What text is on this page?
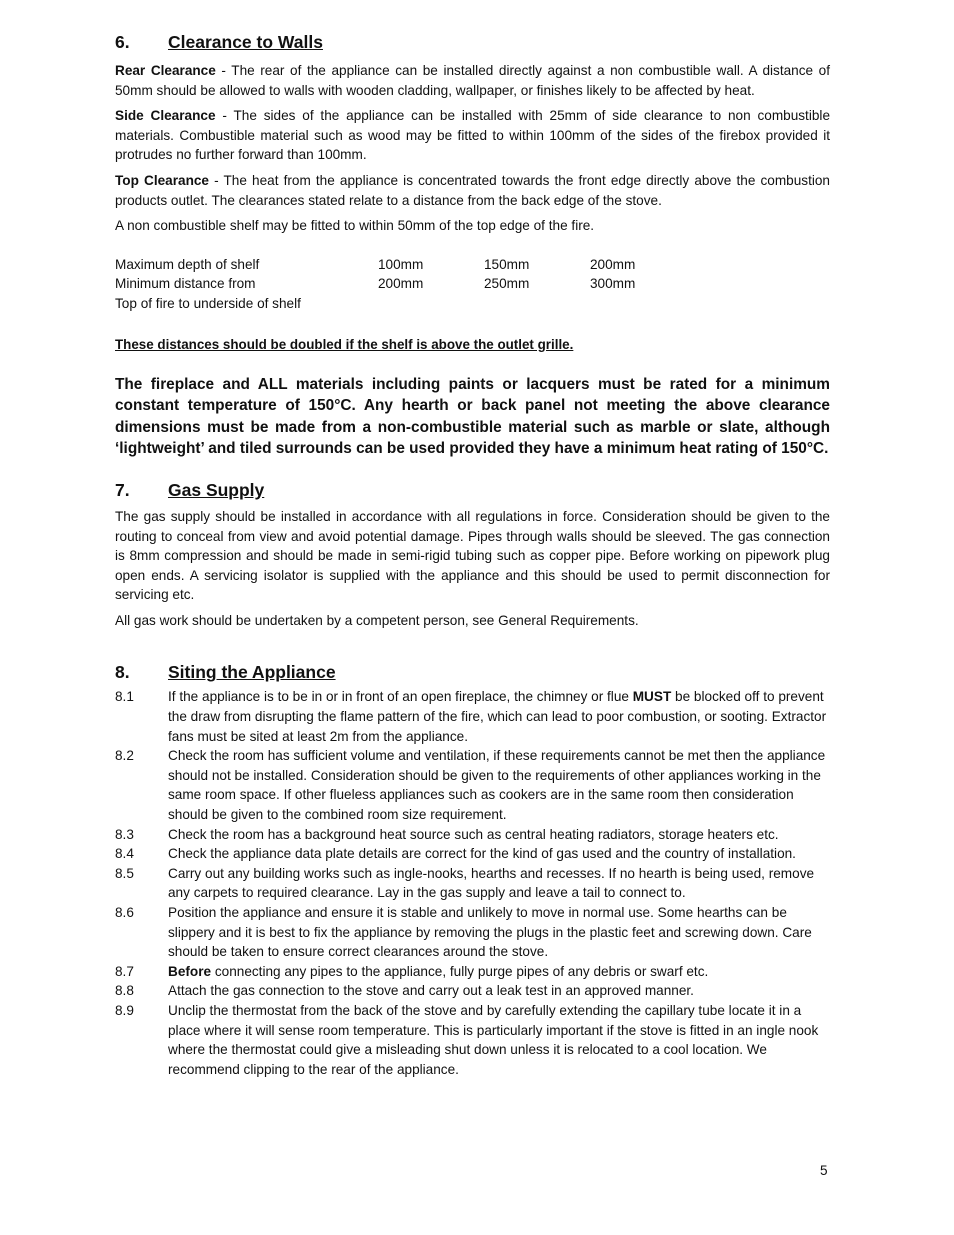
6.	Clearance to Walls

Rear Clearance - The rear of the appliance can be installed directly against a non combustible wall. A distance of 50mm should be allowed to walls with wooden cladding, wallpaper, or finishes likely to be affected by heat.

Side Clearance - The sides of the appliance can be installed with 25mm of side clearance to non combustible materials. Combustible material such as wood may be fitted to within 100mm of the sides of the firebox provided it protrudes no further forward than 100mm.

Top Clearance - The heat from the appliance is concentrated towards the front edge directly above the combustion products outlet. The clearances stated relate to a distance from the back edge of the stove.

A non combustible shelf may be fitted to within 50mm of the top edge of the fire.

Maximum depth of shelf	100mm	150mm	200mm
Minimum distance from	200mm	250mm	300mm
Top of fire to underside of shelf
These distances should be doubled if the shelf is above the outlet grille.

The fireplace and ALL materials including paints or lacquers must be rated for a minimum constant temperature of 150°C. Any hearth or back panel not meeting the above clearance dimensions must be made from a non-combustible material such as marble or slate, although ‘lightweight’ and tiled surrounds can be used provided they have a minimum heat rating of 150°C.

7.	Gas Supply

The gas supply should be installed in accordance with all regulations in force. Consideration should be given to the routing to conceal from view and avoid potential damage. Pipes through walls should be sleeved. The gas connection is 8mm compression and should be made in semi-rigid tubing such as copper pipe. Before working on pipework plug open ends. A servicing isolator is supplied with the appliance and this should be used to permit disconnection for servicing etc.

All gas work should be undertaken by a competent person, see General Requirements.

8.	Siting the Appliance
8.1	If the appliance is to be in or in front of an open fireplace, the chimney or flue MUST be blocked off to prevent the draw from disrupting the flame pattern of the fire, which can lead to poor combustion, or sooting. Extractor fans must be sited at least 2m from the appliance.
8.2	Check the room has sufficient volume and ventilation, if these requirements cannot be met then the appliance should not be installed. Consideration should be given to the requirements of other appliances working in the same room space. If other flueless appliances such as cookers are in the same room then consideration should be given to the combined room size requirement.
8.3	Check the room has a background heat source such as central heating radiators, storage heaters etc.
8.4	Check the appliance data plate details are correct for the kind of gas used and the country of installation.
8.5	Carry out any building works such as ingle-nooks, hearths and recesses. If no hearth is being used, remove any carpets to required clearance. Lay in the gas supply and leave a tail to connect to.
8.6	Position the appliance and ensure it is stable and unlikely to move in normal use. Some hearths can be slippery and it is best to fix the appliance by removing the plugs in the plastic feet and screwing down. Care should be taken to ensure correct clearances around the stove.
8.7	Before connecting any pipes to the appliance, fully purge pipes of any debris or swarf etc.
8.8	Attach the gas connection to the stove and carry out a leak test in an approved manner.
8.9	Unclip the thermostat from the back of the stove and by carefully extending the capillary tube locate it in a place where it will sense room temperature. This is particularly important if the stove is fitted in an ingle nook where the thermostat could give a misleading shut down unless it is relocated to a cool location. We recommend clipping to the rear of the appliance.
5
